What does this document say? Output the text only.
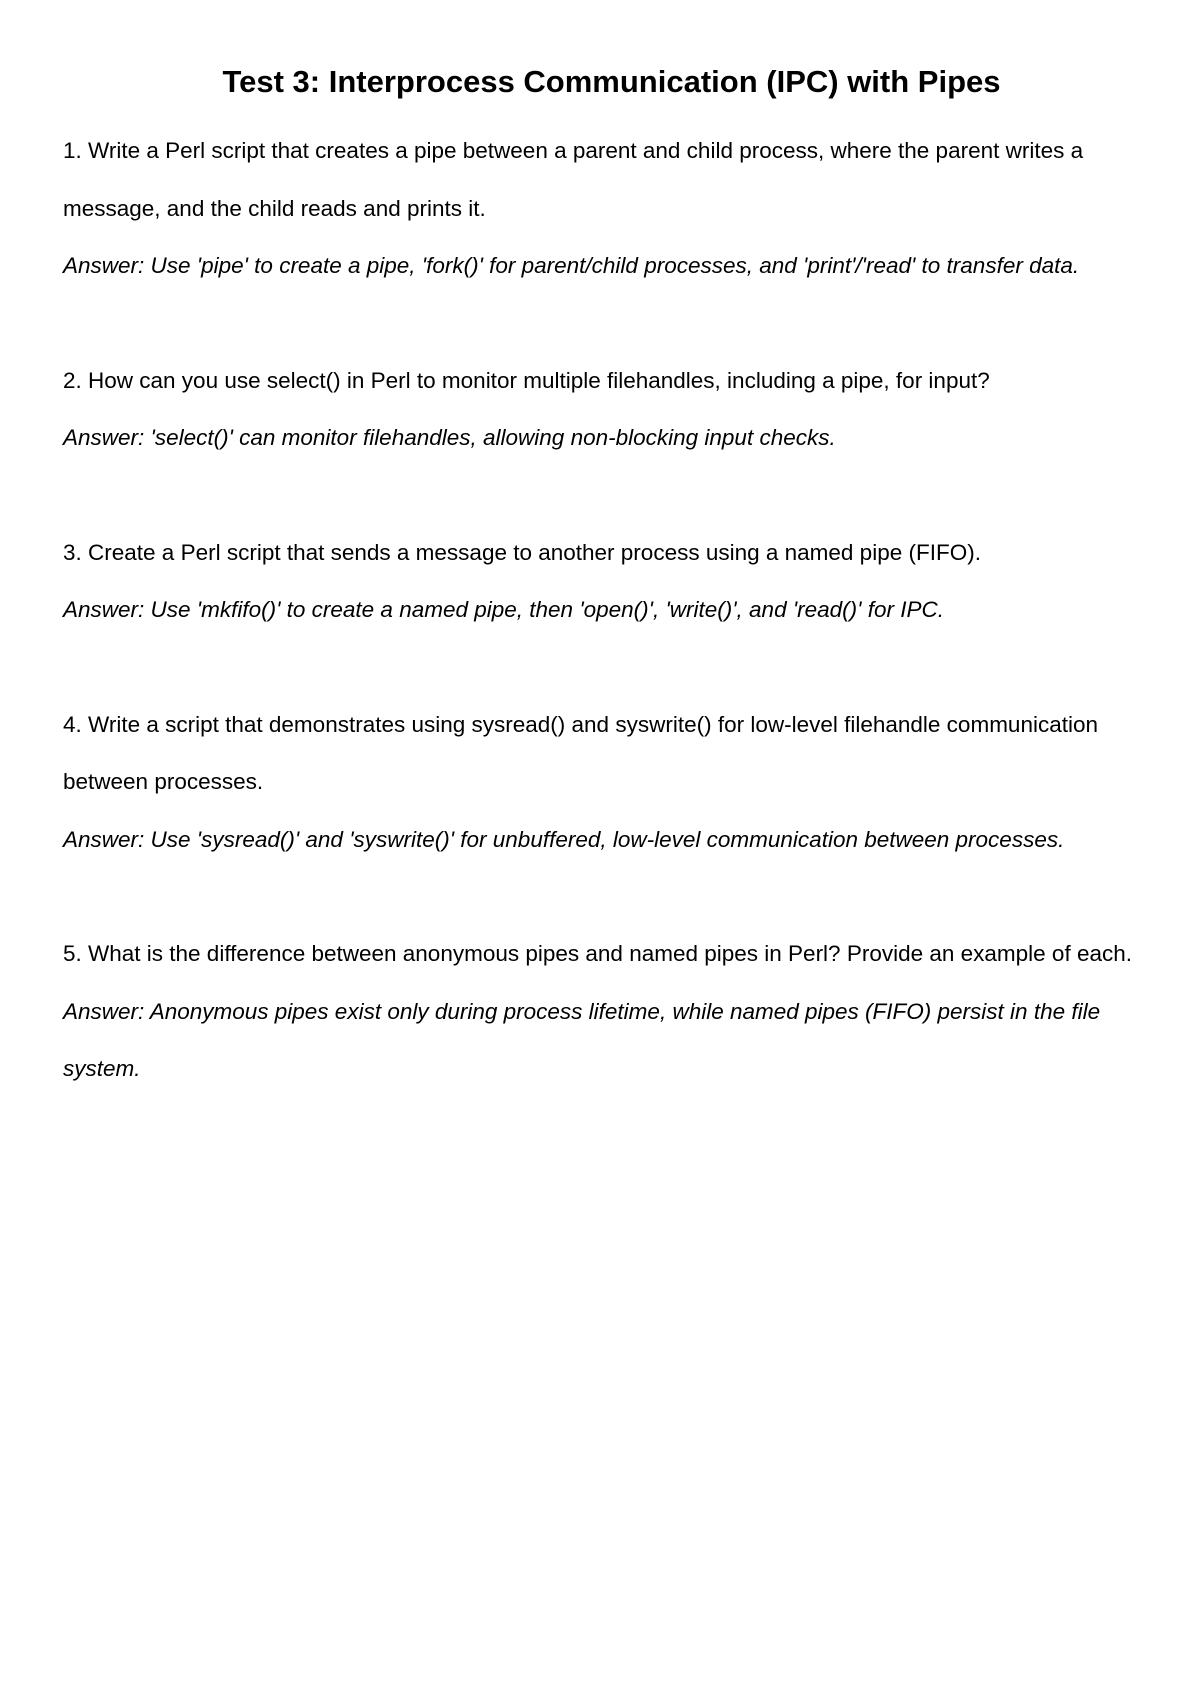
Test 3: Interprocess Communication (IPC) with Pipes

1. Write a Perl script that creates a pipe between a parent and child process, where the parent writes a message, and the child reads and prints it.

Answer: Use 'pipe' to create a pipe, 'fork()' for parent/child processes, and 'print'/'read' to transfer data.

2. How can you use select() in Perl to monitor multiple filehandles, including a pipe, for input?

Answer: 'select()' can monitor filehandles, allowing non-blocking input checks.

3. Create a Perl script that sends a message to another process using a named pipe (FIFO).

Answer: Use 'mkfifo()' to create a named pipe, then 'open()', 'write()', and 'read()' for IPC.

4. Write a script that demonstrates using sysread() and syswrite() for low-level filehandle communication between processes.

Answer: Use 'sysread()' and 'syswrite()' for unbuffered, low-level communication between processes.

5. What is the difference between anonymous pipes and named pipes in Perl? Provide an example of each.

Answer: Anonymous pipes exist only during process lifetime, while named pipes (FIFO) persist in the file system.
